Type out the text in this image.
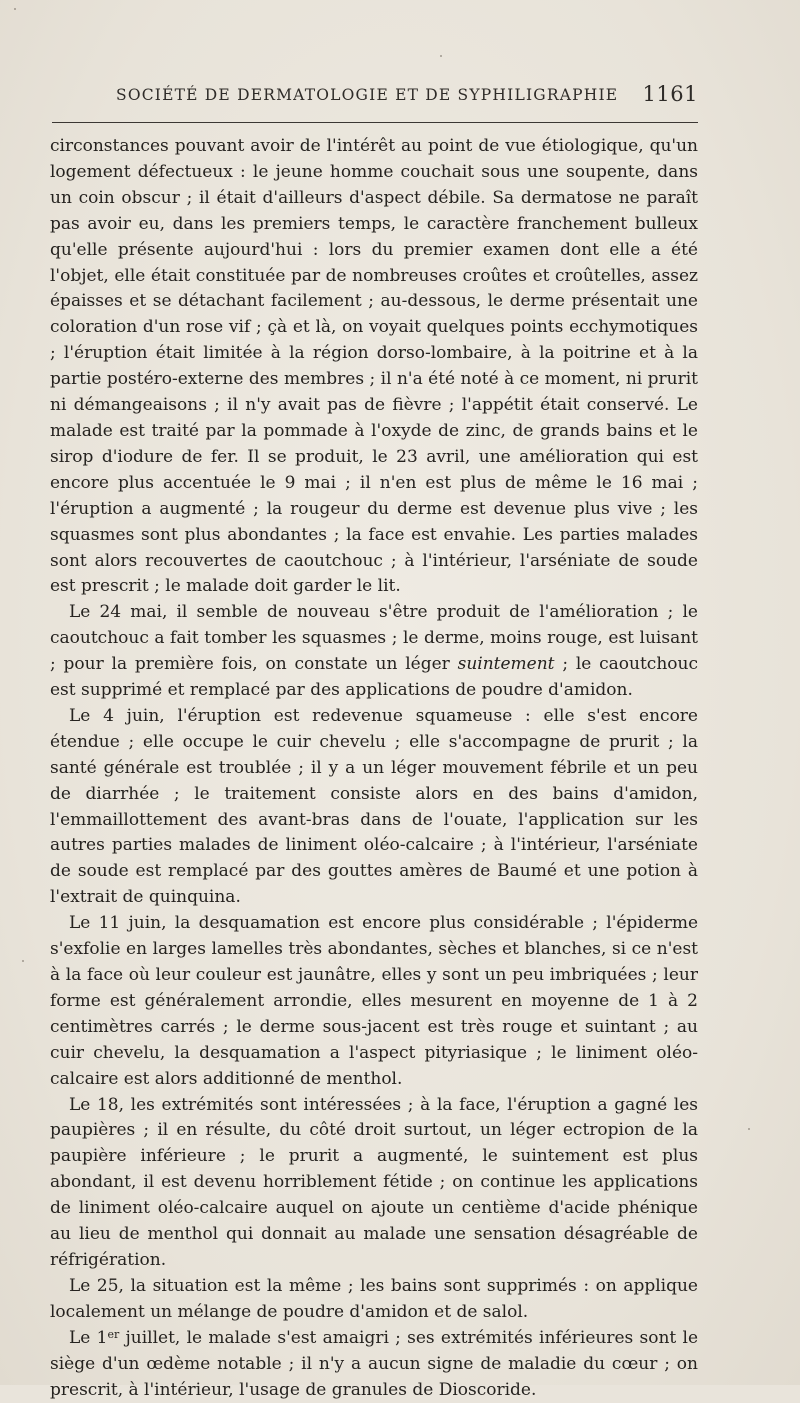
SOCIÉTÉ DE DERMATOLOGIE ET DE SYPHILIGRAPHIE 1161

circonstances pouvant avoir de l'intérêt au point de vue étiologique, qu'un logement défectueux : le jeune homme couchait sous une soupente, dans un coin obscur ; il était d'ailleurs d'aspect débile. Sa dermatose ne paraît pas avoir eu, dans les premiers temps, le caractère franchement bulleux qu'elle présente aujourd'hui : lors du premier examen dont elle a été l'objet, elle était constituée par de nombreuses croûtes et croûtelles, assez épaisses et se détachant facilement ; au-dessous, le derme présentait une coloration d'un rose vif ; çà et là, on voyait quelques points ecchymotiques ; l'éruption était limitée à la région dorso-lombaire, à la poitrine et à la partie postéro-externe des membres ; il n'a été noté à ce moment, ni prurit ni démangeaisons ; il n'y avait pas de fièvre ; l'appétit était conservé. Le malade est traité par la pommade à l'oxyde de zinc, de grands bains et le sirop d'iodure de fer. Il se produit, le 23 avril, une amélioration qui est encore plus accentuée le 9 mai ; il n'en est plus de même le 16 mai ; l'éruption a augmenté ; la rougeur du derme est devenue plus vive ; les squasmes sont plus abondantes ; la face est envahie. Les parties malades sont alors recouvertes de caoutchouc ; à l'intérieur, l'arséniate de soude est prescrit ; le malade doit garder le lit.

Le 24 mai, il semble de nouveau s'être produit de l'amélioration ; le caoutchouc a fait tomber les squasmes ; le derme, moins rouge, est luisant ; pour la première fois, on constate un léger suintement ; le caoutchouc est supprimé et remplacé par des applications de poudre d'amidon.

Le 4 juin, l'éruption est redevenue squameuse : elle s'est encore étendue ; elle occupe le cuir chevelu ; elle s'accompagne de prurit ; la santé générale est troublée ; il y a un léger mouvement fébrile et un peu de diarrhée ; le traitement consiste alors en des bains d'amidon, l'emmaillottement des avant-bras dans de l'ouate, l'application sur les autres parties malades de liniment oléo-calcaire ; à l'intérieur, l'arséniate de soude est remplacé par des gouttes amères de Baumé et une potion à l'extrait de quinquina.

Le 11 juin, la desquamation est encore plus considérable ; l'épiderme s'exfolie en larges lamelles très abondantes, sèches et blanches, si ce n'est à la face où leur couleur est jaunâtre, elles y sont un peu imbriquées ; leur forme est généralement arrondie, elles mesurent en moyenne de 1 à 2 centimètres carrés ; le derme sous-jacent est très rouge et suintant ; au cuir chevelu, la desquamation a l'aspect pityriasique ; le liniment oléo-calcaire est alors additionné de menthol.

Le 18, les extrémités sont intéressées ; à la face, l'éruption a gagné les paupières ; il en résulte, du côté droit surtout, un léger ectropion de la paupière inférieure ; le prurit a augmenté, le suintement est plus abondant, il est devenu horriblement fétide ; on continue les applications de liniment oléo-calcaire auquel on ajoute un centième d'acide phénique au lieu de menthol qui donnait au malade une sensation désagréable de réfrigération.

Le 25, la situation est la même ; les bains sont supprimés : on applique localement un mélange de poudre d'amidon et de salol.

Le 1er juillet, le malade s'est amaigri ; ses extrémités inférieures sont le siège d'un œdème notable ; il n'y a aucun signe de maladie du cœur ; on prescrit, à l'intérieur, l'usage de granules de Dioscoride.
